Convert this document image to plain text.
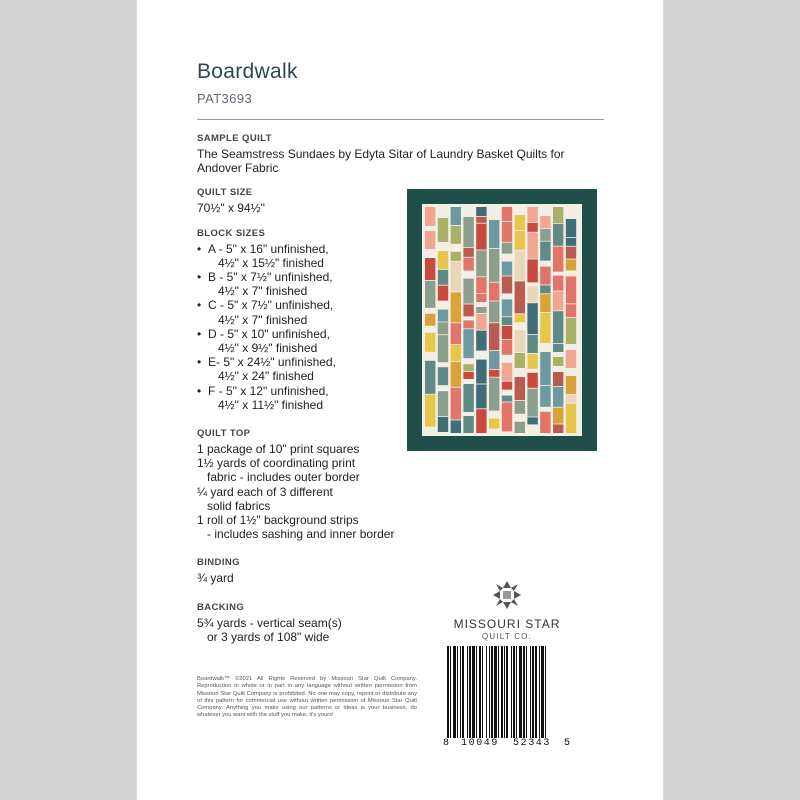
Boardwalk
PAT3693
SAMPLE QUILT
The Seamstress Sundaes by Edyta Sitar of Laundry Basket Quilts for Andover Fabric
QUILT SIZE
70½" x 94½"
BLOCK SIZES
• A - 5" x 16" unfinished,
4½" x 15½" finished
• B - 5" x 7½" unfinished,
4½" x 7" finished
• C - 5" x 7½" unfinished,
4½" x 7" finished
• D - 5" x 10" unfinished,
4½" x 9½" finished
• E- 5" x 24½" unfinished,
4½" x 24" finished
• F - 5" x 12" unfinished,
4½" x 11½" finished
QUILT TOP
1 package of 10" print squares
1½ yards of coordinating print
fabric - includes outer border
¼ yard each of 3 different
solid fabrics
1 roll of 1½" background strips
- includes sashing and inner border
BINDING
¾ yard
BACKING
5¾ yards - vertical seam(s)
or 3 yards of 108" wide
MISSOURI STAR
QUILT CO.
8 10049 52343 5
Boardwalk™ ©2021 All Rights Reserved by Missouri Star Quilt Company. Reproduction in whole or in part in any language without written permission from Missouri Star Quilt Company is prohibited. No one may copy, reprint or distribute any of this pattern for commercial use without written permission of Missouri Star Quilt Company. Anything you make using our patterns or ideas is your business, do whatever you want with the stuff you make, it's yours!
